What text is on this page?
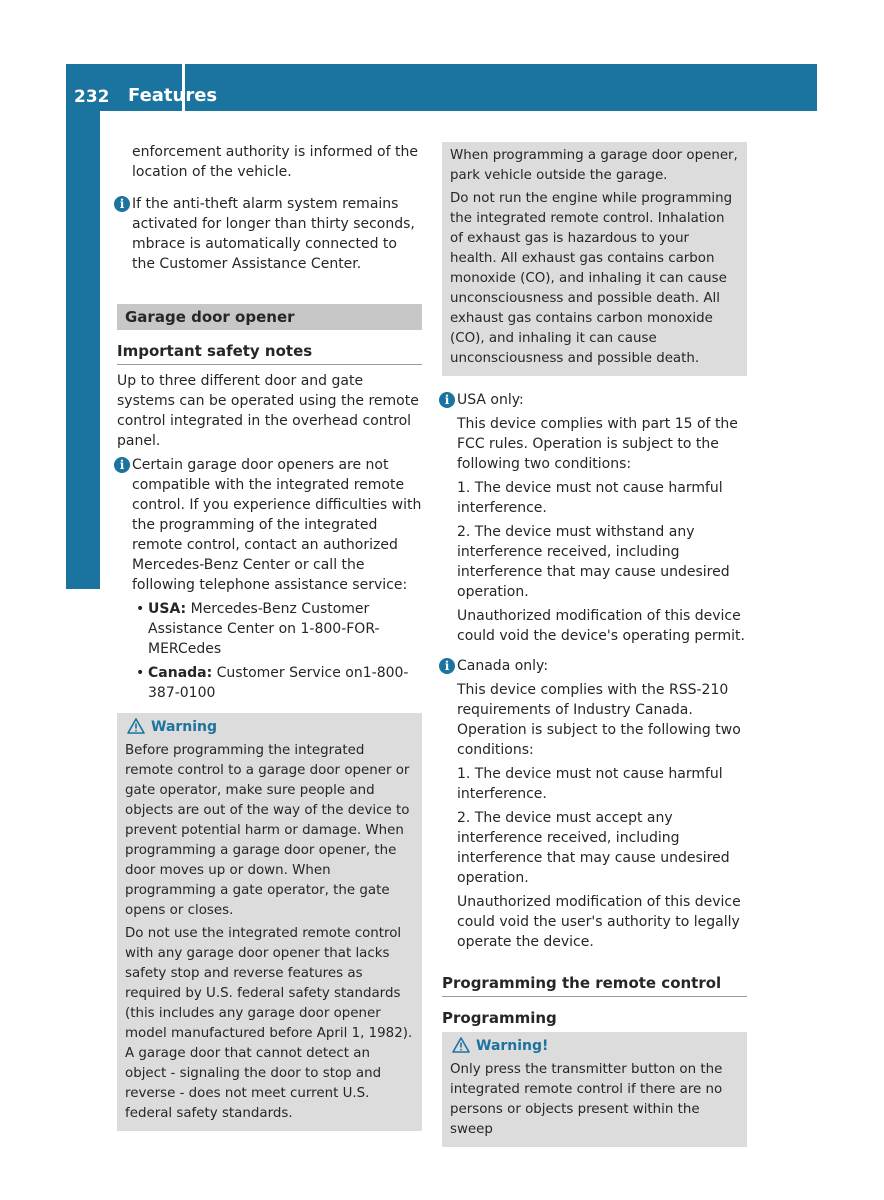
232 Features
Loading, stowing and features

enforcement authority is informed of the location of the vehicle.

i If the anti-theft alarm system remains activated for longer than thirty seconds, mbrace is automatically connected to the Customer Assistance Center.
Garage door opener
Important safety notes

Up to three different door and gate systems can be operated using the remote control integrated in the overhead control panel.

i Certain garage door openers are not compatible with the integrated remote control. If you experience difficulties with the programming of the integrated remote control, contact an authorized Mercedes-Benz Center or call the following telephone assistance service:
• USA: Mercedes-Benz Customer Assistance Center on 1-800-FOR-MERCedes
• Canada: Customer Service on1-800-387-0100
Warning

Before programming the integrated remote control to a garage door opener or gate operator, make sure people and objects are out of the way of the device to prevent potential harm or damage. When programming a garage door opener, the door moves up or down. When programming a gate operator, the gate opens or closes.

Do not use the integrated remote control with any garage door opener that lacks safety stop and reverse features as required by U.S. federal safety standards (this includes any garage door opener model manufactured before April 1, 1982). A garage door that cannot detect an object - signaling the door to stop and reverse - does not meet current U.S. federal safety standards.

When programming a garage door opener, park vehicle outside the garage.

Do not run the engine while programming the integrated remote control. Inhalation of exhaust gas is hazardous to your health. All exhaust gas contains carbon monoxide (CO), and inhaling it can cause unconsciousness and possible death. All exhaust gas contains carbon monoxide (CO), and inhaling it can cause unconsciousness and possible death.

i USA only:

This device complies with part 15 of the FCC rules. Operation is subject to the following two conditions:

1. The device must not cause harmful interference.

2. The device must withstand any interference received, including interference that may cause undesired operation.

Unauthorized modification of this device could void the device's operating permit.

i Canada only:

This device complies with the RSS-210 requirements of Industry Canada. Operation is subject to the following two conditions:

1. The device must not cause harmful interference.

2. The device must accept any interference received, including interference that may cause undesired operation.

Unauthorized modification of this device could void the user's authority to legally operate the device.

Programming the remote control
Programming
Warning!

Only press the transmitter button on the integrated remote control if there are no persons or objects present within the sweep
